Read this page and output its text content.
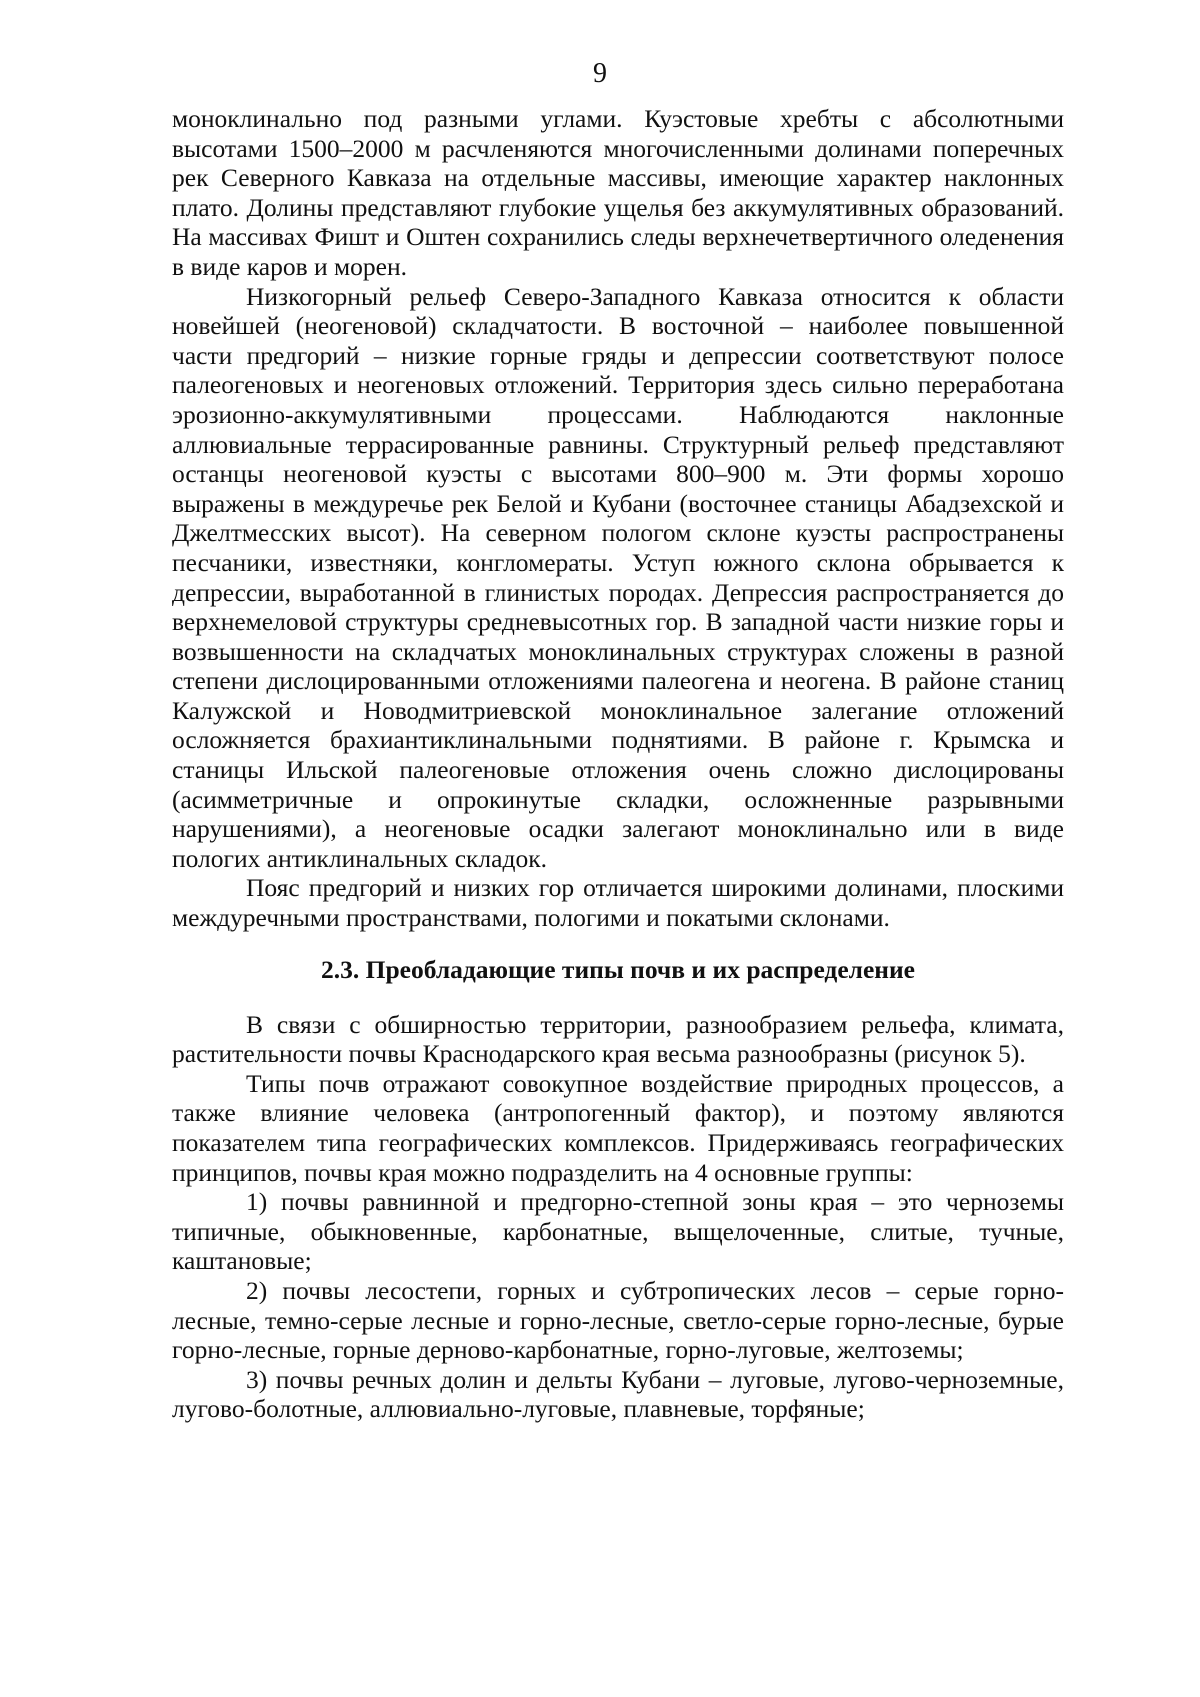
9

моноклинально под разными углами. Куэстовые хребты с абсолютными высотами 1500–2000 м расчленяются многочисленными долинами поперечных рек Северного Кавказа на отдельные массивы, имеющие характер наклонных плато. Долины представляют глубокие ущелья без аккумулятивных образований. На массивах Фишт и Оштен сохранились следы верхнечетвертичного оледенения в виде каров и морен.

Низкогорный рельеф Северо-Западного Кавказа относится к области новейшей (неогеновой) складчатости. В восточной – наиболее повышенной части предгорий – низкие горные гряды и депрессии соответствуют полосе палеогеновых и неогеновых отложений. Территория здесь сильно переработана эрозионно-аккумулятивными процессами. Наблюдаются наклонные аллювиальные террасированные равнины. Структурный рельеф представляют останцы неогеновой куэсты с высотами 800–900 м. Эти формы хорошо выражены в междуречье рек Белой и Кубани (восточнее станицы Абадзехской и Джелтмесских высот). На северном пологом склоне куэсты распространены песчаники, известняки, конгломераты. Уступ южного склона обрывается к депрессии, выработанной в глинистых породах. Депрессия распространяется до верхнемеловой структуры средневысотных гор. В западной части низкие горы и возвышенности на складчатых моноклинальных структурах сложены в разной степени дислоцированными отложениями палеогена и неогена. В районе станиц Калужской и Новодмитриевской моноклинальное залегание отложений осложняется брахиантиклинальными поднятиями. В районе г. Крымска и станицы Ильской палеогеновые отложения очень сложно дислоцированы (асимметричные и опрокинутые складки, осложненные разрывными нарушениями), а неогеновые осадки залегают моноклинально или в виде пологих антиклинальных складок.

Пояс предгорий и низких гор отличается широкими долинами, плоскими междуречными пространствами, пологими и покатыми склонами.

2.3. Преобладающие типы почв и их распределение

В связи с обширностью территории, разнообразием рельефа, климата, растительности почвы Краснодарского края весьма разнообразны (рисунок 5).

Типы почв отражают совокупное воздействие природных процессов, а также влияние человека (антропогенный фактор), и поэтому являются показателем типа географических комплексов. Придерживаясь географических принципов, почвы края можно подразделить на 4 основные группы:

1) почвы равнинной и предгорно-степной зоны края – это черноземы типичные, обыкновенные, карбонатные, выщелоченные, слитые, тучные, каштановые;

2) почвы лесостепи, горных и субтропических лесов – серые горно-лесные, темно-серые лесные и горно-лесные, светло-серые горно-лесные, бурые горно-лесные, горные дерново-карбонатные, горно-луговые, желтоземы;

3) почвы речных долин и дельты Кубани – луговые, лугово-черноземные, лугово-болотные, аллювиально-луговые, плавневые, торфяные;
